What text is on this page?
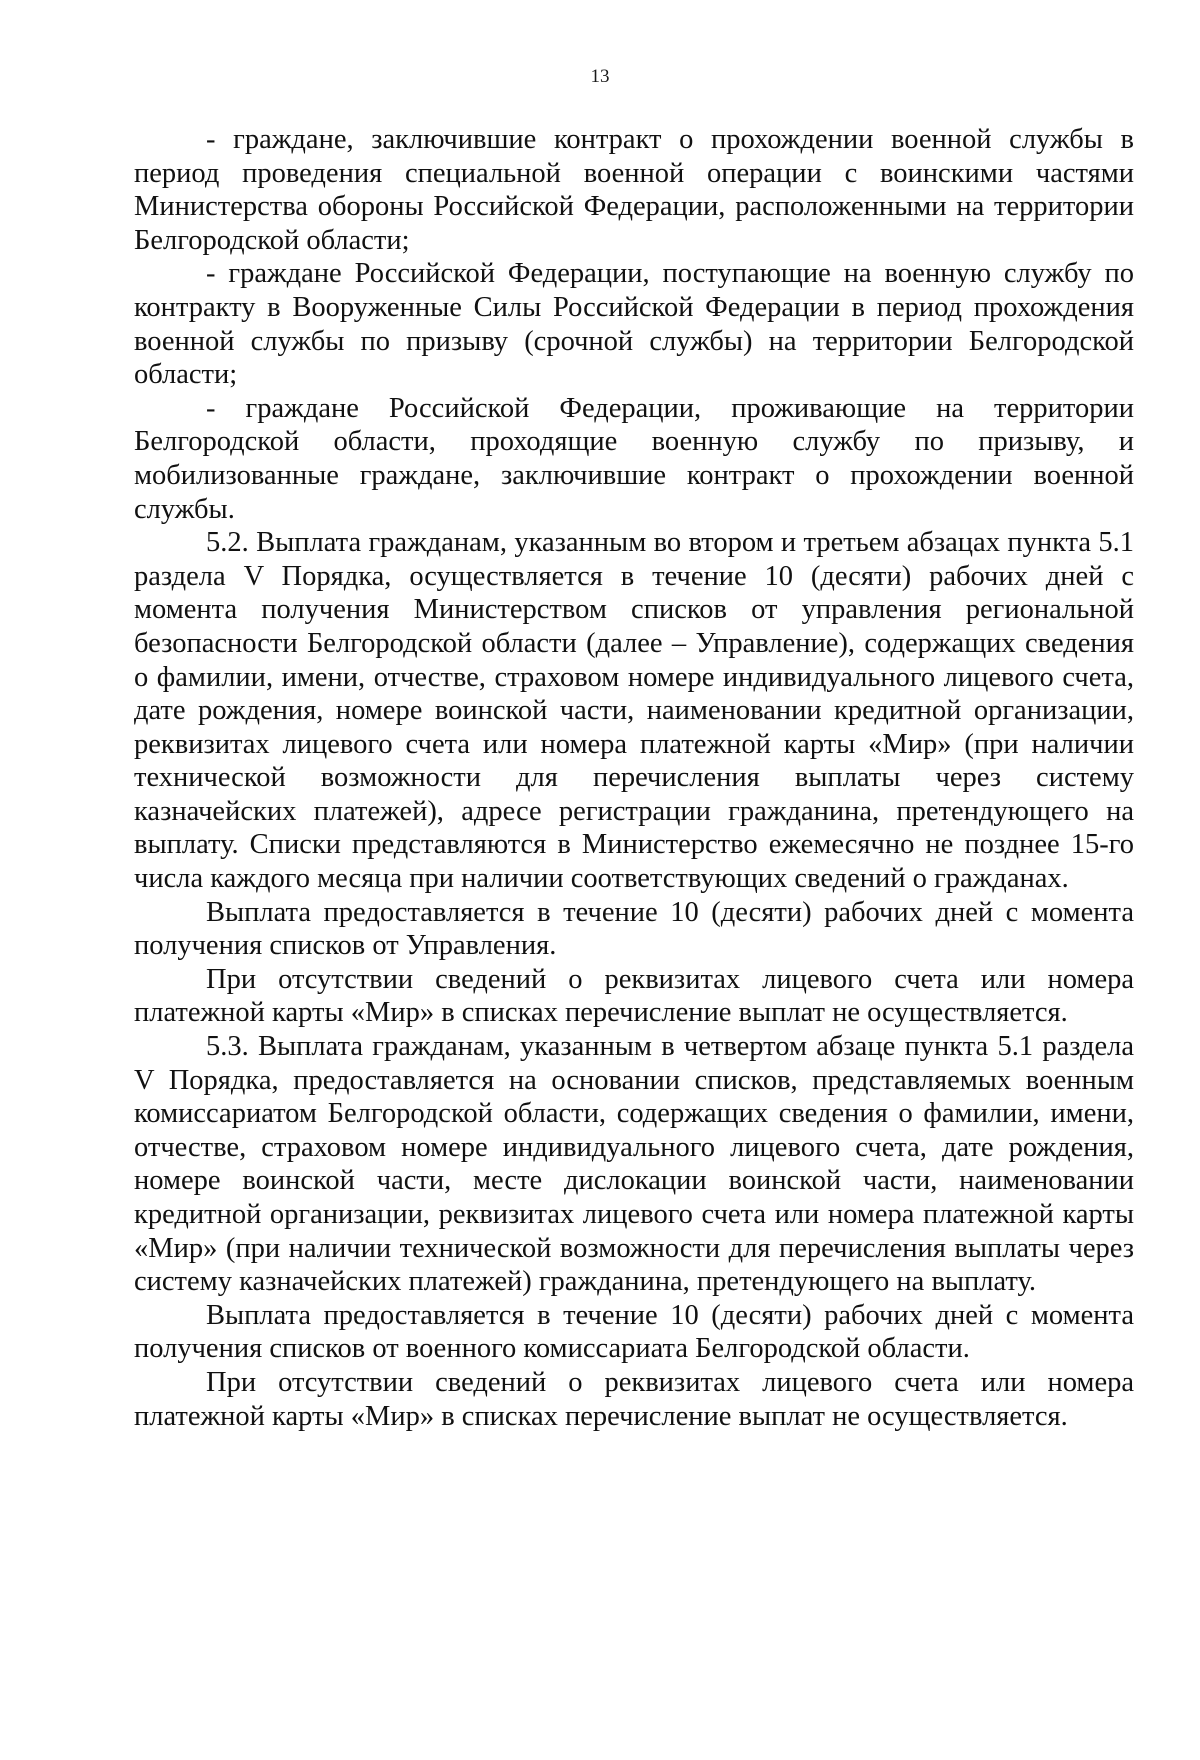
13

- граждане, заключившие контракт о прохождении военной службы в период проведения специальной военной операции с воинскими частями Министерства обороны Российской Федерации, расположенными на территории Белгородской области;

- граждане Российской Федерации, поступающие на военную службу по контракту в Вооруженные Силы Российской Федерации в период прохождения военной службы по призыву (срочной службы) на территории Белгородской области;

- граждане Российской Федерации, проживающие на территории Белгородской области, проходящие военную службу по призыву, и мобилизованные граждане, заключившие контракт о прохождении военной службы.

5.2. Выплата гражданам, указанным во втором и третьем абзацах пункта 5.1 раздела V Порядка, осуществляется в течение 10 (десяти) рабочих дней с момента получения Министерством списков от управления региональной безопасности Белгородской области (далее – Управление), содержащих сведения о фамилии, имени, отчестве, страховом номере индивидуального лицевого счета, дате рождения, номере воинской части, наименовании кредитной организации, реквизитах лицевого счета или номера платежной карты «Мир» (при наличии технической возможности для перечисления выплаты через систему казначейских платежей), адресе регистрации гражданина, претендующего на выплату. Списки представляются в Министерство ежемесячно не позднее 15-го числа каждого месяца при наличии соответствующих сведений о гражданах.

Выплата предоставляется в течение 10 (десяти) рабочих дней с момента получения списков от Управления.

При отсутствии сведений о реквизитах лицевого счета или номера платежной карты «Мир» в списках перечисление выплат не осуществляется.

5.3. Выплата гражданам, указанным в четвертом абзаце пункта 5.1 раздела V Порядка, предоставляется на основании списков, представляемых военным комиссариатом Белгородской области, содержащих сведения о фамилии, имени, отчестве, страховом номере индивидуального лицевого счета, дате рождения, номере воинской части, месте дислокации воинской части, наименовании кредитной организации, реквизитах лицевого счета или номера платежной карты «Мир» (при наличии технической возможности для перечисления выплаты через систему казначейских платежей) гражданина, претендующего на выплату.

Выплата предоставляется в течение 10 (десяти) рабочих дней с момента получения списков от военного комиссариата Белгородской области.

При отсутствии сведений о реквизитах лицевого счета или номера платежной карты «Мир» в списках перечисление выплат не осуществляется.
